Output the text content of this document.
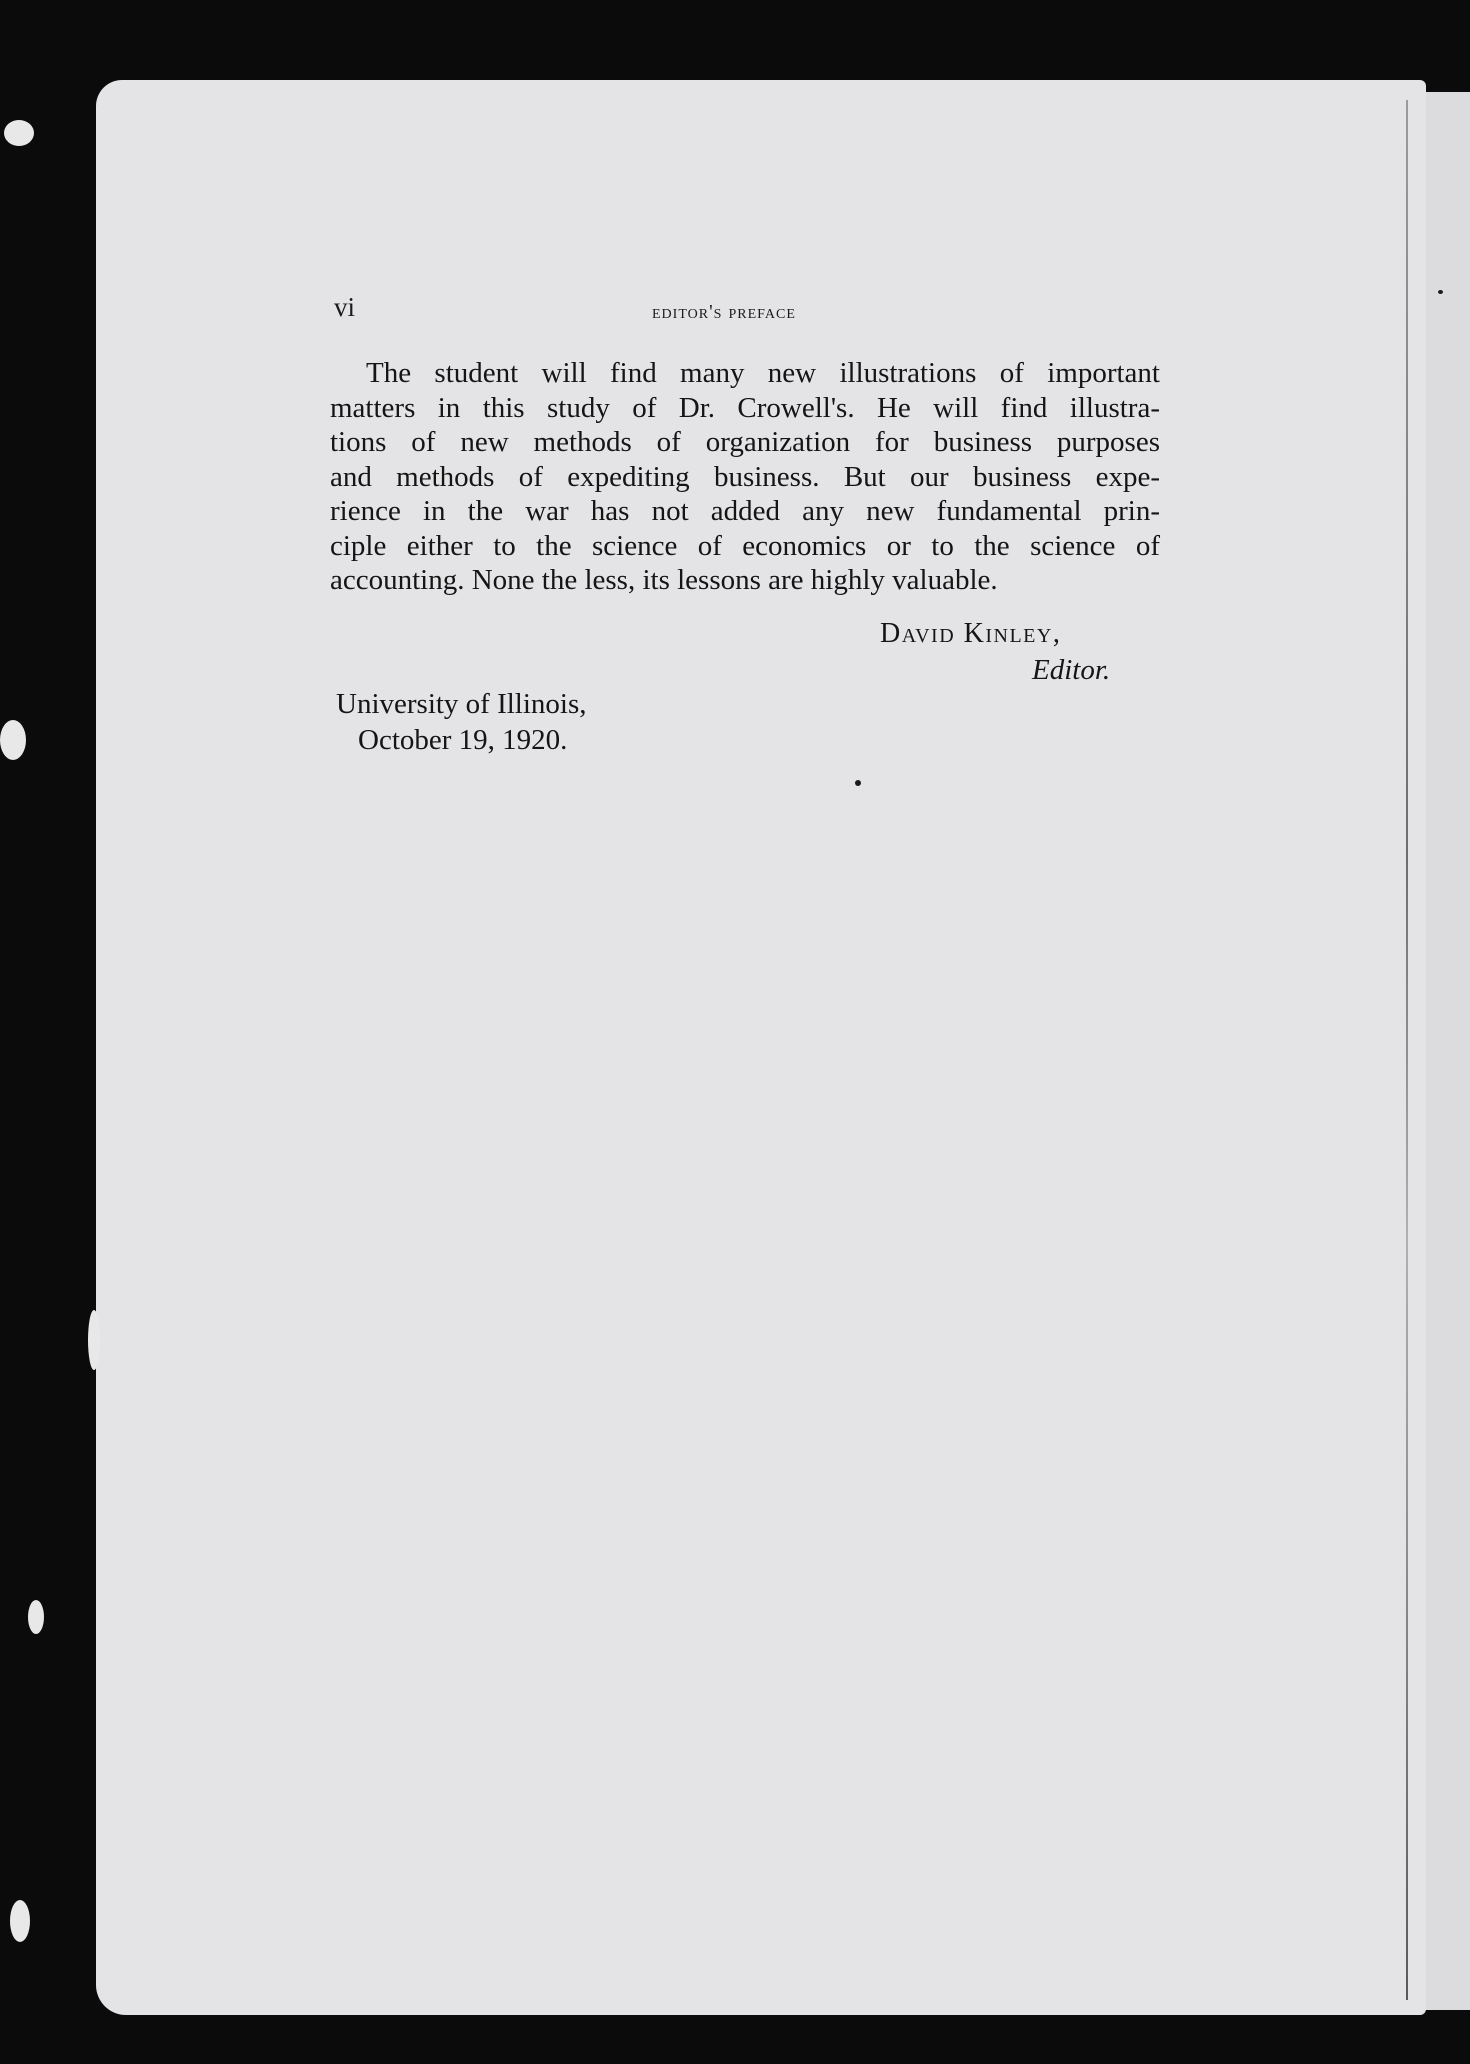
vi	editor's preface
The student will find many new illustrations of important
matters in this study of Dr. Crowell's. He will find illustra-
tions of new methods of organization for business purposes
and methods of expediting business. But our business expe-
rience in the war has not added any new fundamental prin-
ciple either to the science of economics or to the science of
accounting. None the less, its lessons are highly valuable.
David Kinley,
Editor.
University of Illinois,
October 19, 1920.
